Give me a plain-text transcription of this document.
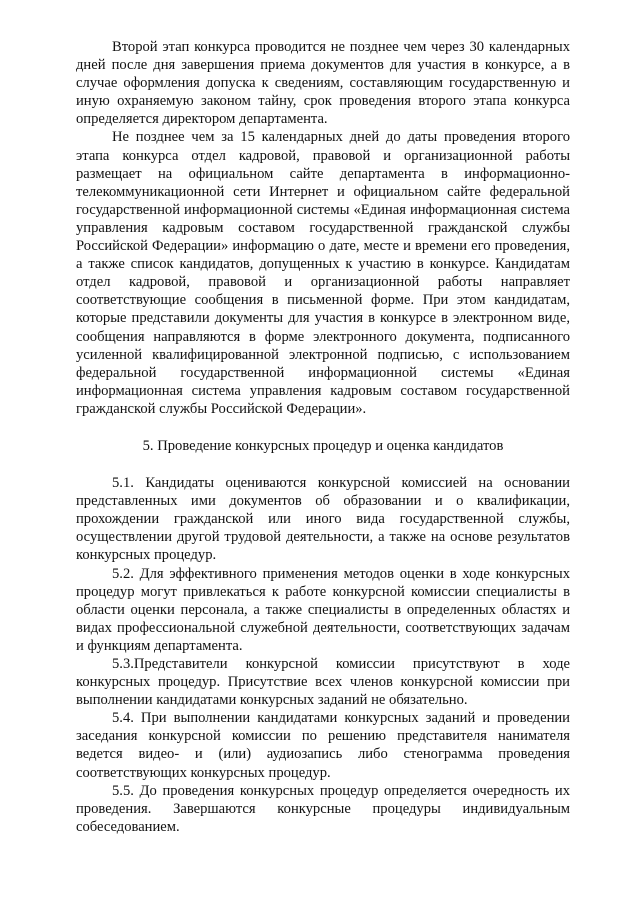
Второй этап конкурса проводится не позднее чем через 30 календарных дней после дня завершения приема документов для участия в конкурсе, а в случае оформления допуска к сведениям, составляющим государственную и иную охраняемую законом тайну, срок проведения второго этапа конкурса определяется директором департамента.

Не позднее чем за 15 календарных дней до даты проведения второго этапа конкурса отдел кадровой, правовой и организационной работы размещает на официальном сайте департамента в информационно-телекоммуникационной сети Интернет и официальном сайте федеральной государственной информационной системы «Единая информационная система управления кадровым составом государственной гражданской службы Российской Федерации» информацию о дате, месте и времени его проведения, а также список кандидатов, допущенных к участию в конкурсе. Кандидатам отдел кадровой, правовой и организационной работы направляет соответствующие сообщения в письменной форме. При этом кандидатам, которые представили документы для участия в конкурсе в электронном виде, сообщения направляются в форме электронного документа, подписанного усиленной квалифицированной электронной подписью, с использованием федеральной государственной информационной системы «Единая информационная система управления кадровым составом государственной гражданской службы Российской Федерации».

5. Проведение конкурсных процедур и оценка кандидатов

5.1. Кандидаты оцениваются конкурсной комиссией на основании представленных ими документов об образовании и о квалификации, прохождении гражданской или иного вида государственной службы, осуществлении другой трудовой деятельности, а также на основе результатов конкурсных процедур.

5.2. Для эффективного применения методов оценки в ходе конкурсных процедур могут привлекаться к работе конкурсной комиссии специалисты в области оценки персонала, а также специалисты в определенных областях и видах профессиональной служебной деятельности, соответствующих задачам и функциям департамента.

5.3.Представители конкурсной комиссии присутствуют в ходе конкурсных процедур. Присутствие всех членов конкурсной комиссии при выполнении кандидатами конкурсных заданий не обязательно.

5.4. При выполнении кандидатами конкурсных заданий и проведении заседания конкурсной комиссии по решению представителя нанимателя ведется видео- и (или) аудиозапись либо стенограмма проведения соответствующих конкурсных процедур.

5.5. До проведения конкурсных процедур определяется очередность их проведения. Завершаются конкурсные процедуры индивидуальным собеседованием.
